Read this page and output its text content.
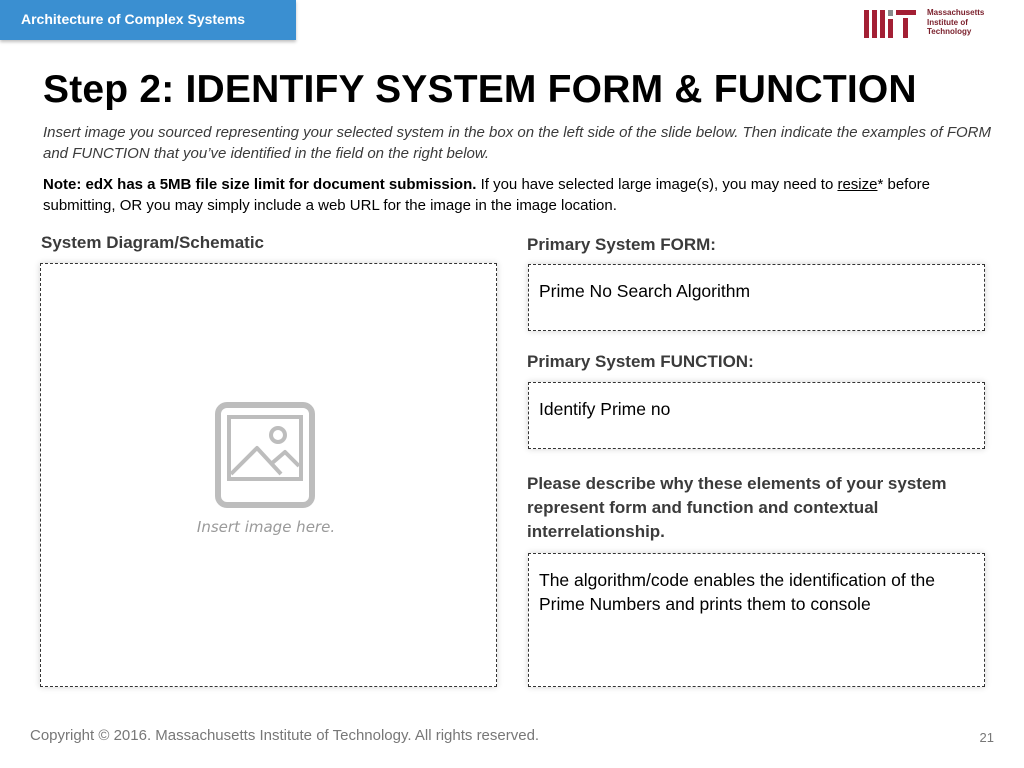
Architecture of Complex Systems	Massachusetts
Institute of
Technology
Step 2: IDENTIFY SYSTEM FORM & FUNCTION
Insert image you sourced representing your selected system in the box on the left side of the slide below. Then indicate the examples of FORM and FUNCTION that you’ve identified in the field on the right below.
Note: edX has a 5MB file size limit for document submission. If you have selected large image(s), you may need to resize* before submitting, OR you may simply include a web URL for the image in the image location.
System Diagram/Schematic
Insert image here.
Primary System FORM:
Prime No Search Algorithm
Primary System FUNCTION:
Identify Prime no
Please describe why these elements of your system represent form and function and contextual interrelationship.
The algorithm/code enables the identification of the Prime Numbers and prints them to console
Copyright © 2016. Massachusetts Institute of Technology. All rights reserved.	21
